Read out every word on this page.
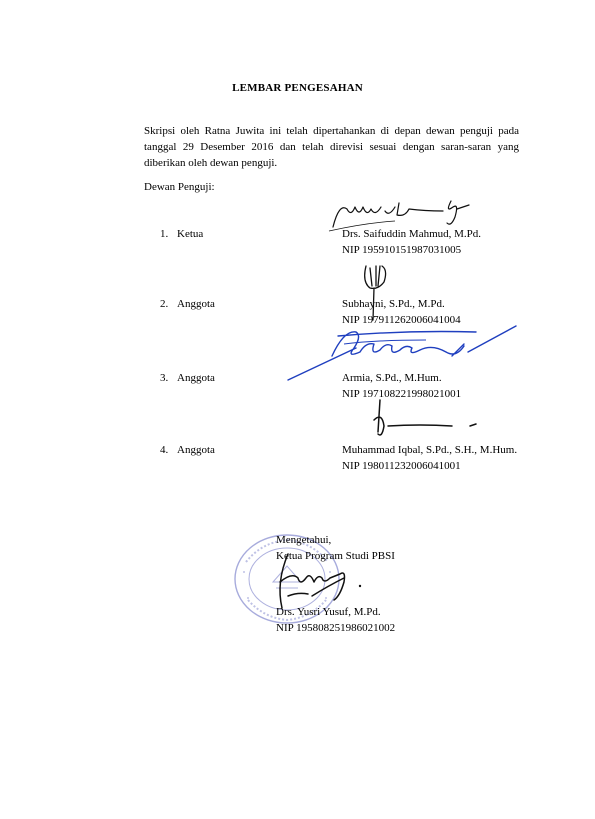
LEMBAR PENGESAHAN
Skripsi oleh Ratna Juwita ini telah dipertahankan di depan dewan penguji pada tanggal 29 Desember 2016 dan telah direvisi sesuai dengan saran-saran yang diberikan oleh dewan penguji.
Dewan Penguji:
1. Ketua	Drs. Saifuddin Mahmud, M.Pd.
NIP 195910151987031005
2. Anggota	Subhayni, S.Pd., M.Pd.
NIP 197911262006041004
3. Anggota	Armia, S.Pd., M.Hum.
NIP 197108221998021001
4. Anggota	Muhammad Iqbal, S.Pd., S.H., M.Hum.
NIP 198011232006041001
Mengetahui,
Ketua Program Studi PBSI
Drs. Yusri Yusuf, M.Pd.
NIP 195808251986021002
